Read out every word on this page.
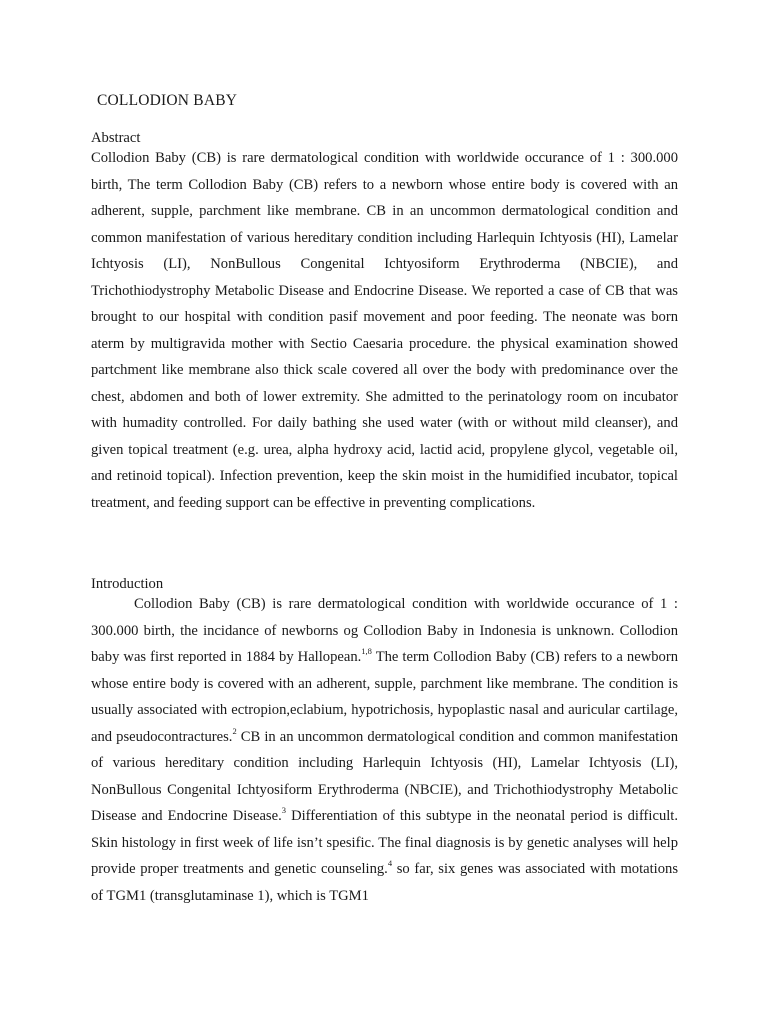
COLLODION BABY
Abstract

Collodion Baby (CB) is rare dermatological condition with worldwide occurance of 1 : 300.000 birth, The term Collodion Baby (CB) refers to a newborn whose entire body is covered with an adherent, supple, parchment like membrane. CB in an uncommon dermatological condition and common manifestation of various hereditary condition including Harlequin Ichtyosis (HI), Lamelar Ichtyosis (LI), NonBullous Congenital Ichtyosiform Erythroderma (NBCIE), and Trichothiodystrophy Metabolic Disease and Endocrine Disease. We reported a case of CB that was brought to our hospital with condition pasif movement and poor feeding. The neonate was born aterm by multigravida mother with Sectio Caesaria procedure. the physical examination showed partchment like membrane also thick scale covered all over the body with predominance over the chest, abdomen and both of lower extremity. She admitted to the perinatology room on incubator with humadity controlled. For daily bathing she used water (with or without mild cleanser), and given topical treatment (e.g. urea, alpha hydroxy acid, lactid acid, propylene glycol, vegetable oil, and retinoid topical). Infection prevention, keep the skin moist in the humidified incubator, topical treatment, and feeding support can be effective in preventing complications.

Introduction

Collodion Baby (CB) is rare dermatological condition with worldwide occurance of 1 : 300.000 birth, the incidance of newborns og Collodion Baby in Indonesia is unknown. Collodion baby was first reported in 1884 by Hallopean.$^{1,8}$ The term Collodion Baby (CB) refers to a newborn whose entire body is covered with an adherent, supple, parchment like membrane. The condition is usually associated with ectropion,eclabium, hypotrichosis, hypoplastic nasal and auricular cartilage, and pseudocontractures.$^2$ CB in an uncommon dermatological condition and common manifestation of various hereditary condition including Harlequin Ichtyosis (HI), Lamelar Ichtyosis (LI), NonBullous Congenital Ichtyosiform Erythroderma (NBCIE), and Trichothiodystrophy Metabolic Disease and Endocrine Disease.$^3$ Differentiation of this subtype in the neonatal period is difficult. Skin histology in first week of life isn’t spesific. The final diagnosis is by genetic analyses will help provide proper treatments and genetic counseling.$^4$ so far, six genes was associated with motations of TGM1 (transglutaminase 1), which is TGM1
